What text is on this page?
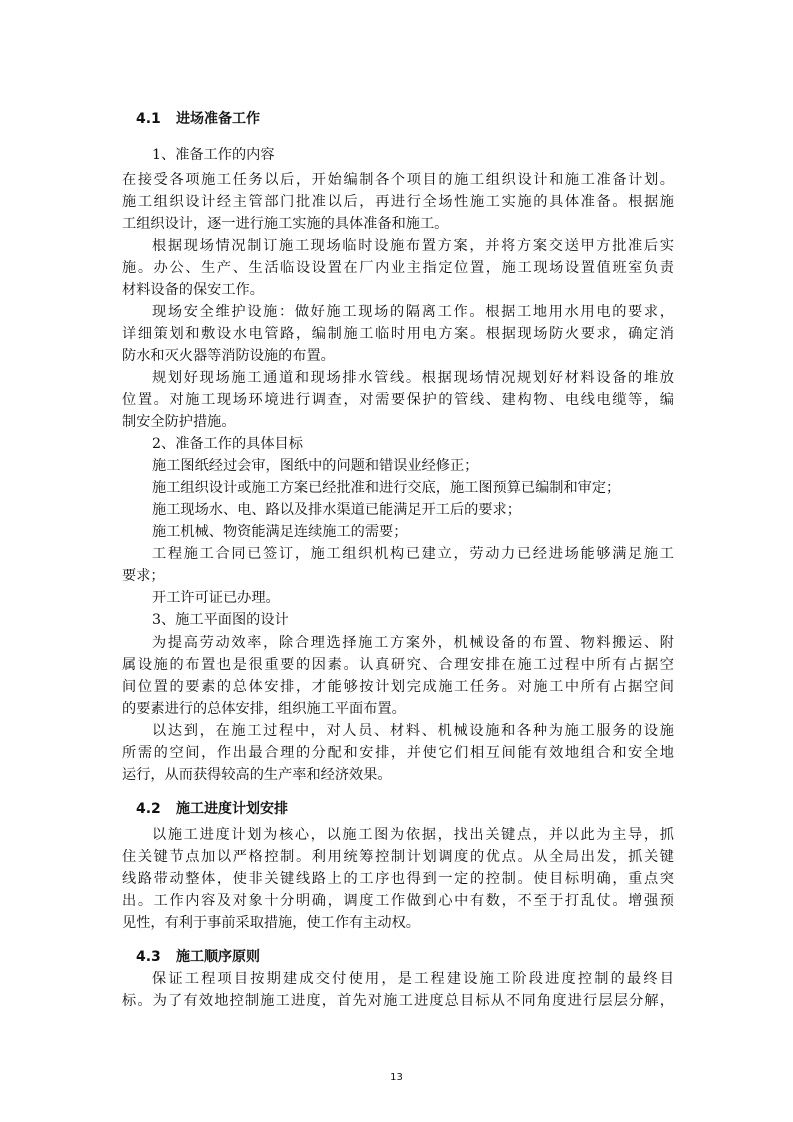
4.1 进场准备工作
1、准备工作的内容
在接受各项施工任务以后，开始编制各个项目的施工组织设计和施工准备计划。
施工组织设计经主管部门批准以后，再进行全场性施工实施的具体准备。根据施
工组织设计，逐一进行施工实施的具体准备和施工。
根据现场情况制订施工现场临时设施布置方案，并将方案交送甲方批准后实
施。办公、生产、生活临设设置在厂内业主指定位置，施工现场设置值班室负责
材料设备的保安工作。
现场安全维护设施：做好施工现场的隔离工作。根据工地用水用电的要求，
详细策划和敷设水电管路，编制施工临时用电方案。根据现场防火要求，确定消
防水和灭火器等消防设施的布置。
规划好现场施工通道和现场排水管线。根据现场情况规划好材料设备的堆放
位置。对施工现场环境进行调查，对需要保护的管线、建构物、电线电缆等，编
制安全防护措施。
2、准备工作的具体目标
施工图纸经过会审，图纸中的问题和错误业经修正；
施工组织设计或施工方案已经批准和进行交底，施工图预算已编制和审定；
施工现场水、电、路以及排水渠道已能满足开工后的要求；
施工机械、物资能满足连续施工的需要；
工程施工合同已签订，施工组织机构已建立，劳动力已经进场能够满足施工
要求；
开工许可证已办理。
3、施工平面图的设计
为提高劳动效率，除合理选择施工方案外，机械设备的布置、物料搬运、附
属设施的布置也是很重要的因素。认真研究、合理安排在施工过程中所有占据空
间位置的要素的总体安排，才能够按计划完成施工任务。对施工中所有占据空间
的要素进行的总体安排，组织施工平面布置。
以达到，在施工过程中，对人员、材料、机械设施和各种为施工服务的设施
所需的空间，作出最合理的分配和安排，并使它们相互间能有效地组合和安全地
运行，从而获得较高的生产率和经济效果。
4.2 施工进度计划安排
以施工进度计划为核心，以施工图为依据，找出关键点，并以此为主导，抓
住关键节点加以严格控制。利用统筹控制计划调度的优点。从全局出发，抓关键
线路带动整体，使非关键线路上的工序也得到一定的控制。使目标明确，重点突
出。工作内容及对象十分明确，调度工作做到心中有数，不至于打乱仗。增强预
见性，有利于事前采取措施，使工作有主动权。
4.3 施工顺序原则
保证工程项目按期建成交付使用，是工程建设施工阶段进度控制的最终目
标。为了有效地控制施工进度，首先对施工进度总目标从不同角度进行层层分解，
13
